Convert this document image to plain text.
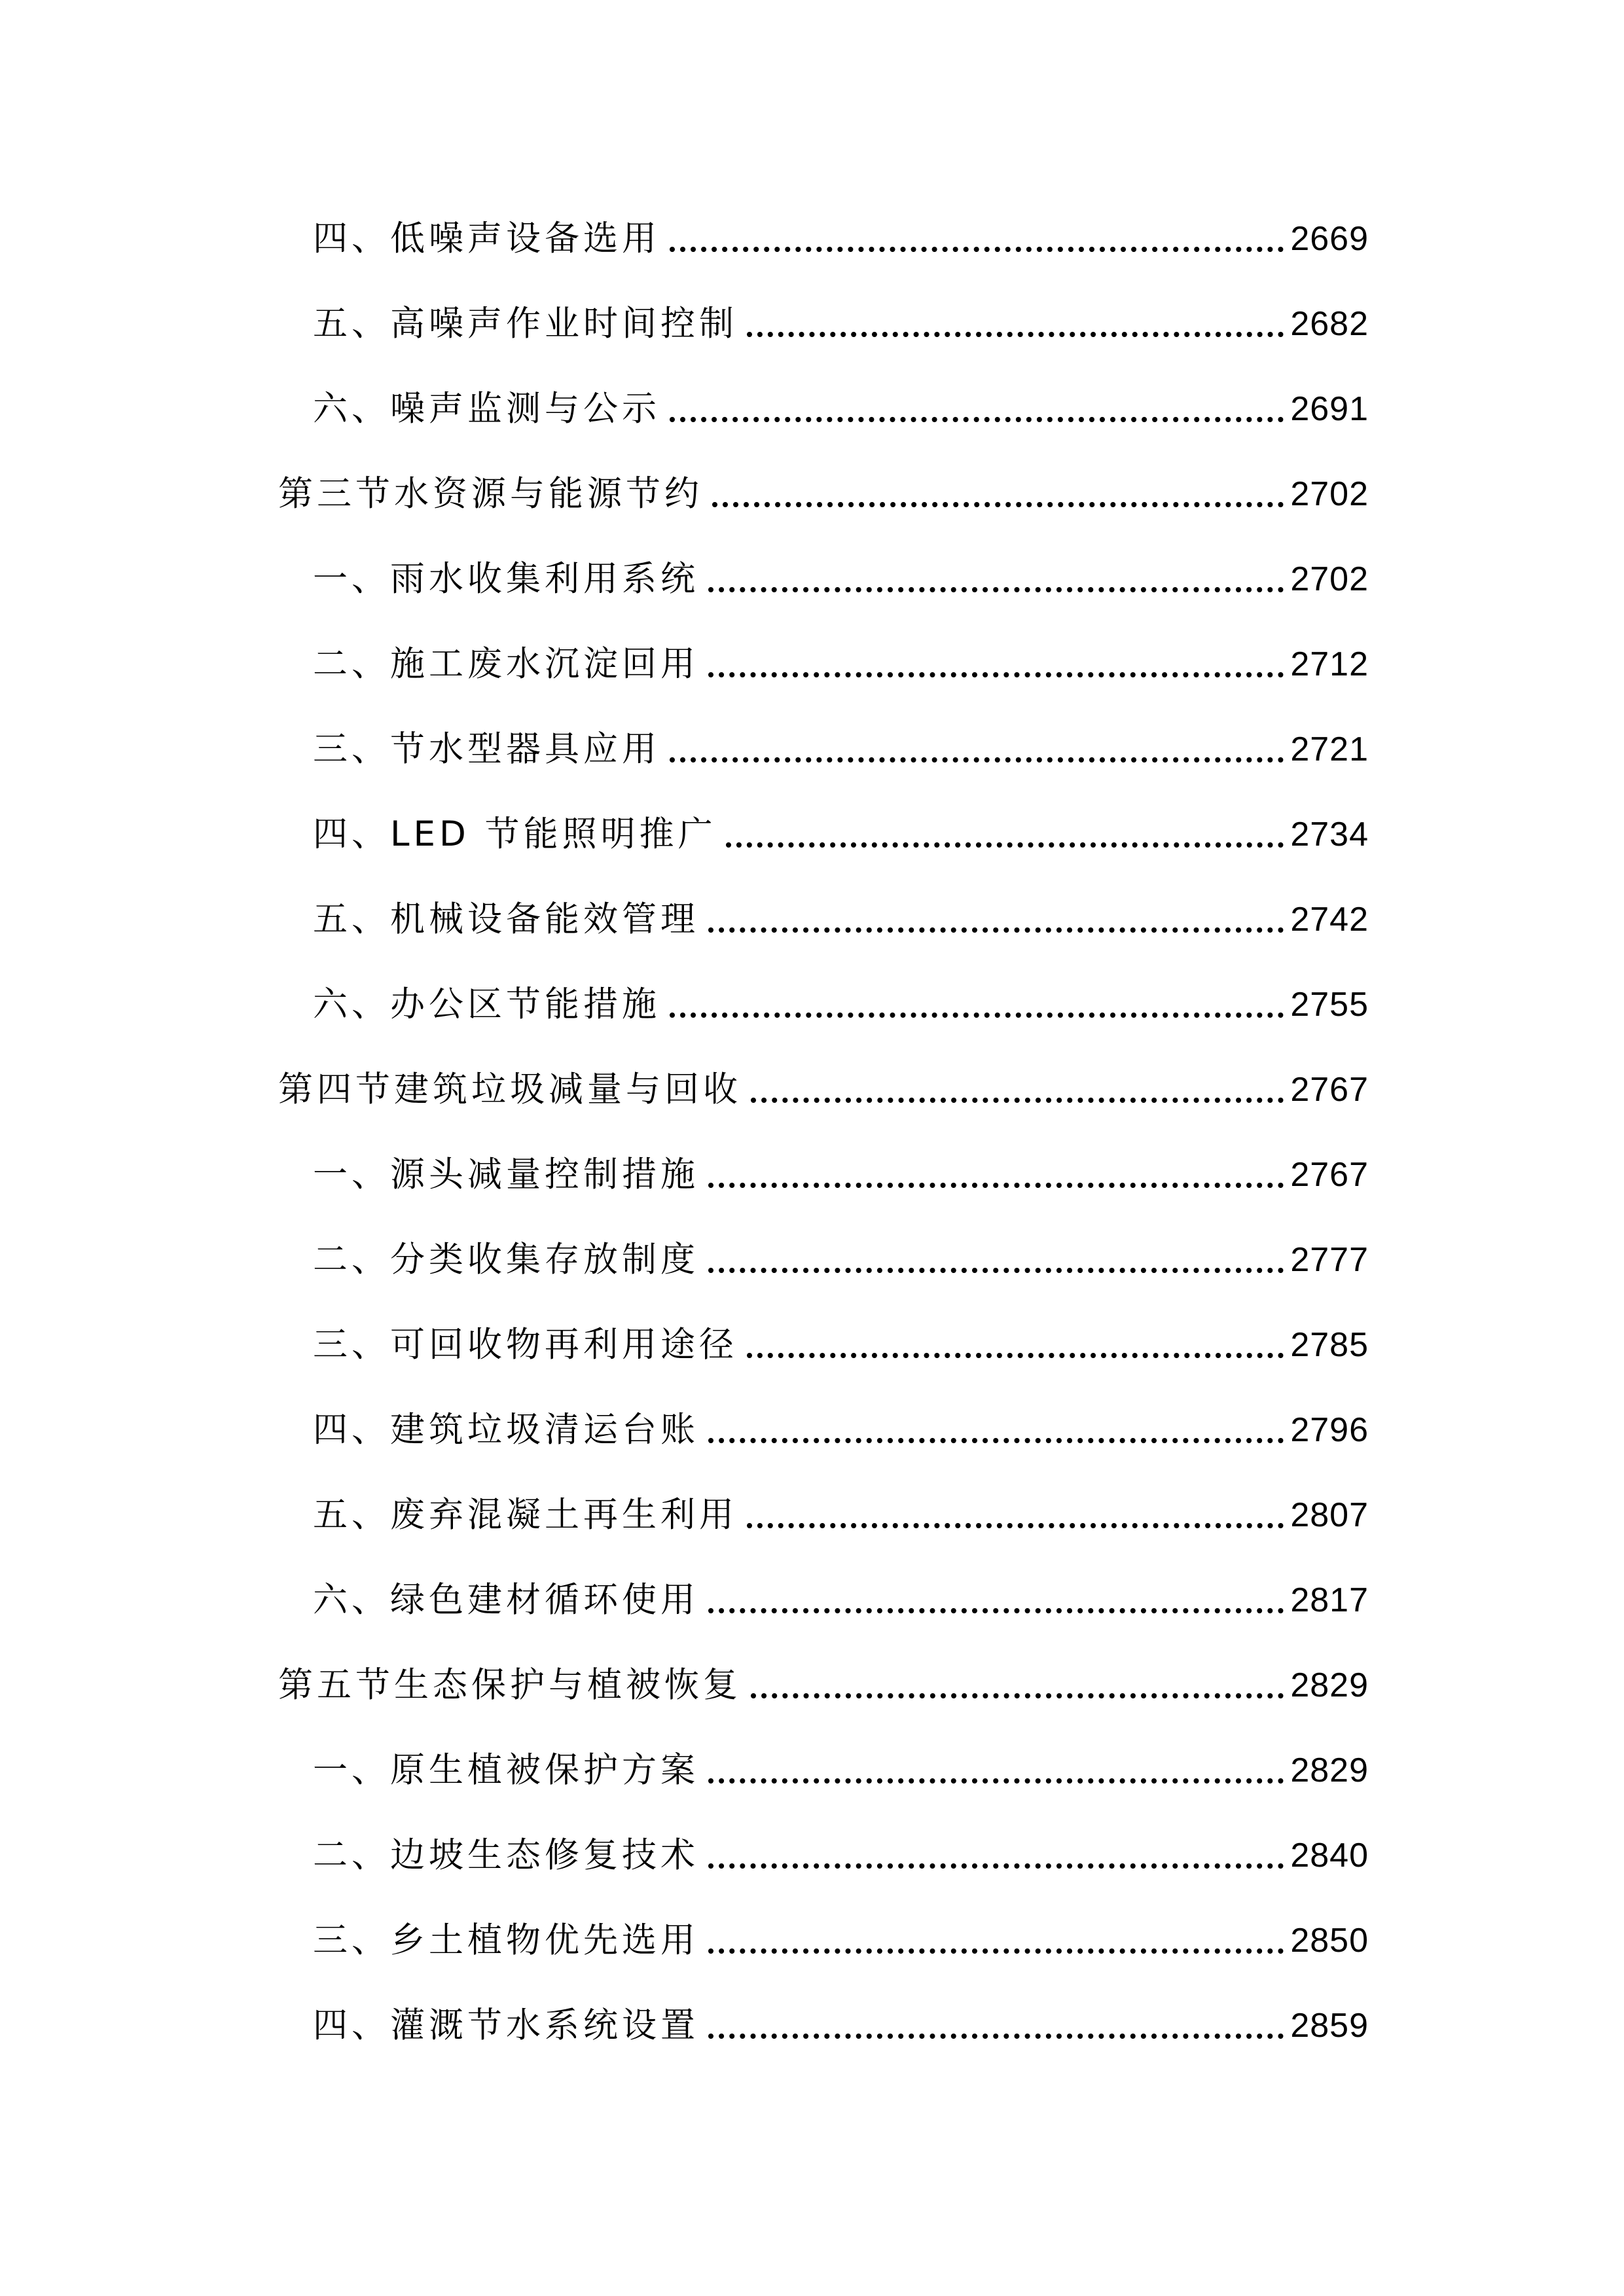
四、低噪声设备选用	2669
五、高噪声作业时间控制	2682
六、噪声监测与公示	2691
第三节水资源与能源节约	2702
一、雨水收集利用系统	2702
二、施工废水沉淀回用	2712
三、节水型器具应用	2721
四、LED 节能照明推广	2734
五、机械设备能效管理	2742
六、办公区节能措施	2755
第四节建筑垃圾减量与回收	2767
一、源头减量控制措施	2767
二、分类收集存放制度	2777
三、可回收物再利用途径	2785
四、建筑垃圾清运台账	2796
五、废弃混凝土再生利用	2807
六、绿色建材循环使用	2817
第五节生态保护与植被恢复	2829
一、原生植被保护方案	2829
二、边坡生态修复技术	2840
三、乡土植物优先选用	2850
四、灌溉节水系统设置	2859
